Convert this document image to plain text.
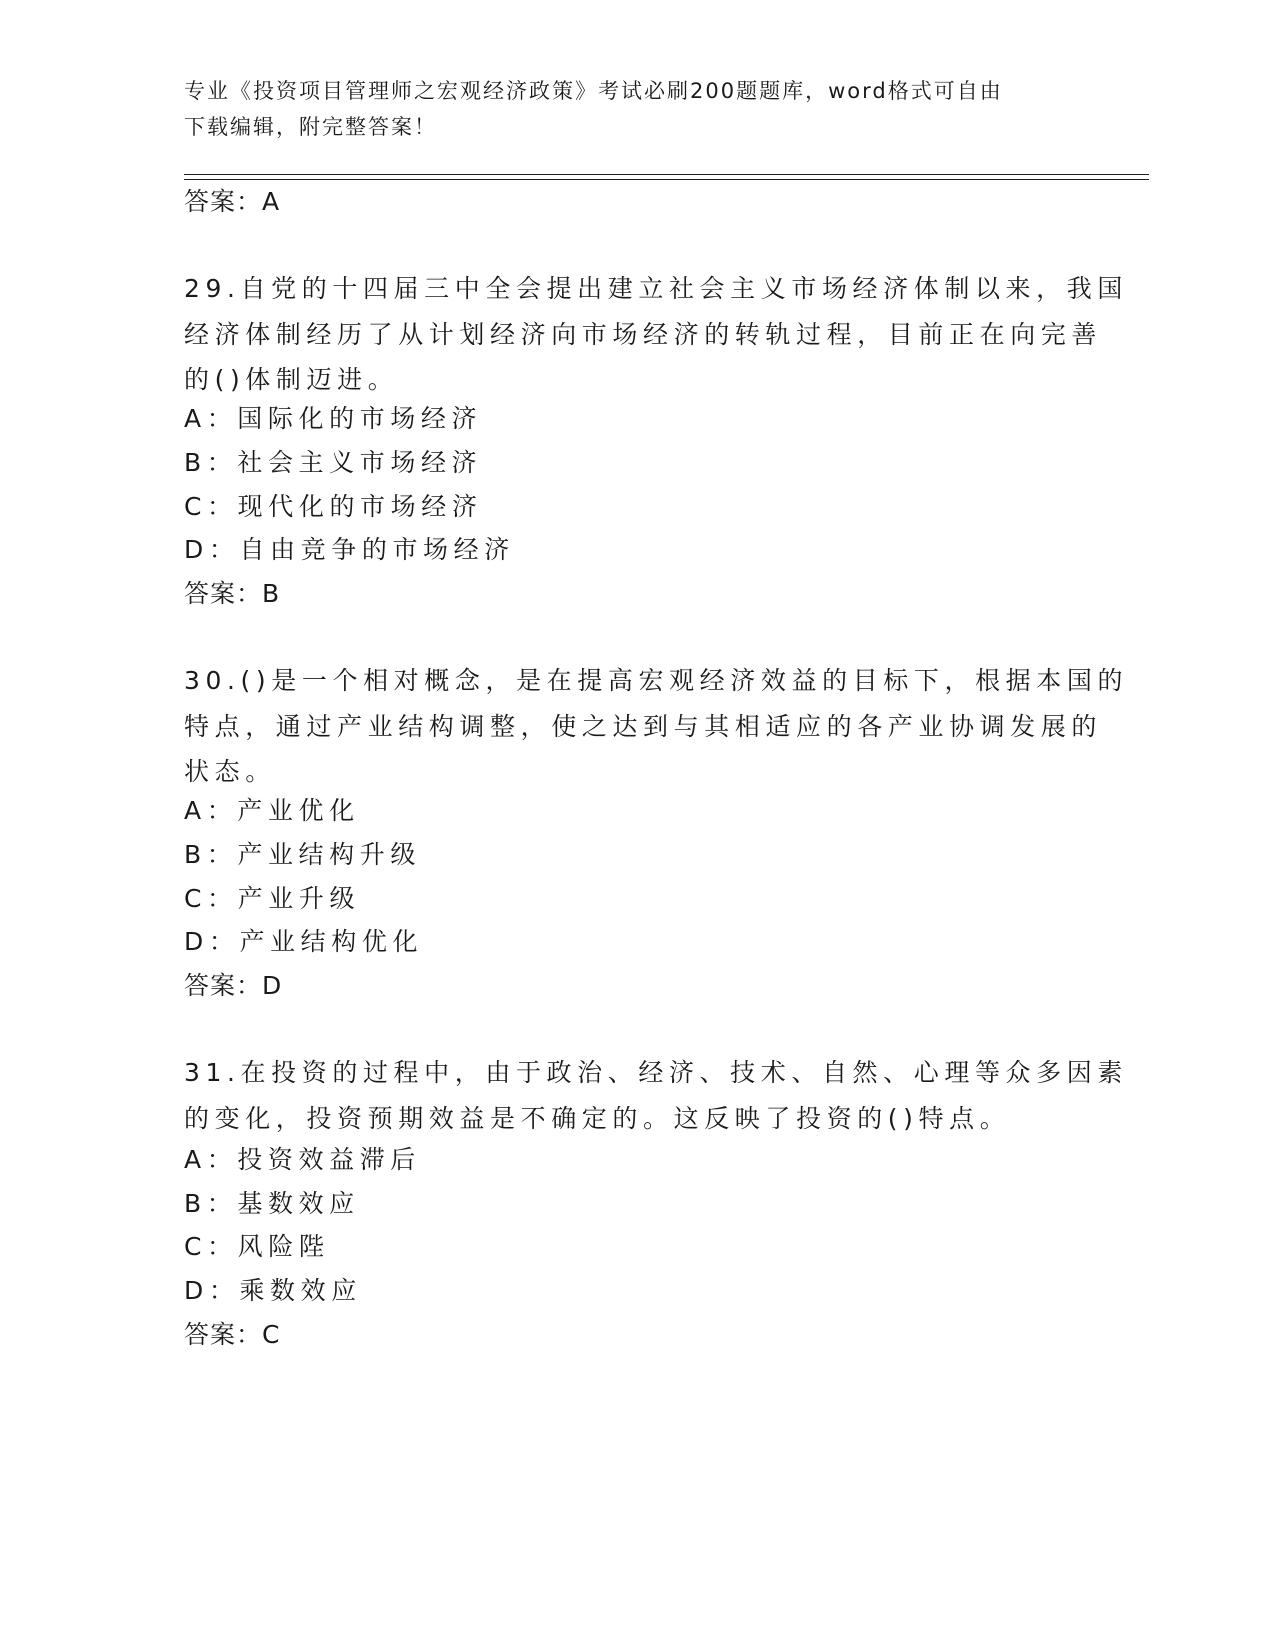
专业《投资项目管理师之宏观经济政策》考试必刷200题题库，word格式可自由

下载编辑，附完整答案！

答案：A
29.自党的十四届三中全会提出建立社会主义市场经济体制以来，我国
经济体制经历了从计划经济向市场经济的转轨过程，目前正在向完善
的()体制迈进。
A：国际化的市场经济
B：社会主义市场经济
C：现代化的市场经济
D：自由竞争的市场经济
答案：B
30.()是一个相对概念，是在提高宏观经济效益的目标下，根据本国的
特点，通过产业结构调整，使之达到与其相适应的各产业协调发展的
状态。
A：产业优化
B：产业结构升级
C：产业升级
D：产业结构优化
答案：D
31.在投资的过程中，由于政治、经济、技术、自然、心理等众多因素
的变化，投资预期效益是不确定的。这反映了投资的()特点。
A：投资效益滞后
B：基数效应
C：风险陛
D：乘数效应
答案：C
